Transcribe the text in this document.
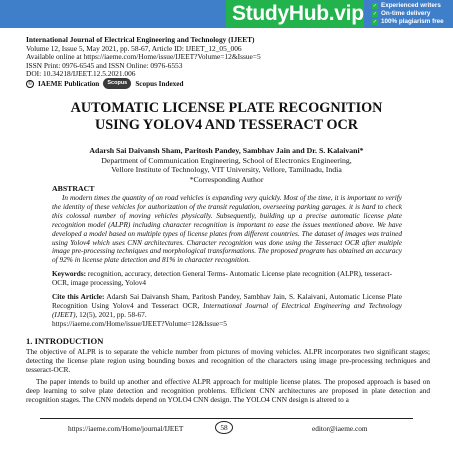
StudyHub.vip ✓ Experienced writers
✓ On-time delivery
✓ 100% plagiarism free
International Journal of Electrical Engineering and Technology (IJEET)
Volume 12, Issue 5, May 2021, pp. 58-67, Article ID: IJEET_12_05_006
Available online at https://iaeme.com/Home/issue/IJEET?Volume=12&Issue=5
ISSN Print: 0976-6545 and ISSN Online: 0976-6553
DOI: 10.34218/IJEET.12.5.2021.006
© IAEME Publication	Scopus	Scopus Indexed
AUTOMATIC LICENSE PLATE RECOGNITION
USING YOLOV4 AND TESSERACT OCR
Adarsh Sai Daivansh Sham, Paritosh Pandey, Sambhav Jain and Dr. S. Kalaivani*
Department of Communication Engineering, School of Electronics Engineering,
Vellore Institute of Technology, VIT University, Vellore, Tamilnadu, India
*Corresponding Author
ABSTRACT
In modern times the quantity of on road vehicles is expanding very quickly. Most of the time, it is important to verify the identity of these vehicles for authorization of the transit regulation, overseeing parking garages. it is hard to check this colossal number of moving vehicles physically. Subsequently, building up a precise automatic license plate recognition model (ALPR) including character recognition is important to ease the issues mentioned above. We have developed a model based on multiple types of license plates from different countries. The dataset of images was trained using Yolov4 which uses CNN architectures. Character recognition was done using the Tesseract OCR after multiple image pre-processing techniques and morphological transformations. The proposed program has obtained an accuracy of 92% in license plate detection and 81% in character recognition.
Keywords: recognition, accuracy, detection General Terms- Automatic License plate recognition (ALPR), tesseract-OCR, image processing, Yolov4
Cite this Article: Adarsh Sai Daivansh Sham, Paritosh Pandey, Sambhav Jain, S. Kalaivani, Automatic License Plate Recognition Using Yolov4 and Tesseract OCR, International Journal of Electrical Engineering and Technology (IJEET), 12(5), 2021, pp. 58-67.
https://iaeme.com/Home/issue/IJEET?Volume=12&Issue=5
1. INTRODUCTION

The objective of ALPR is to separate the vehicle number from pictures of moving vehicles. ALPR incorporates two significant stages; detecting the license plate region using bounding boxes and recognition of the characters using image pre-processing techniques and tesseract-OCR.

The paper intends to build up another and effective ALPR approach for multiple license plates. The proposed approach is based on deep learning to solve plate detection and recognition problems. Efficient CNN architectures are proposed in plate detection and recognition stages. The CNN models depend on YOLO4 CNN design. The YOLO4 CNN design is altered to a

https://iaeme.com/Home/journal/IJEET	58	editor@iaeme.com
